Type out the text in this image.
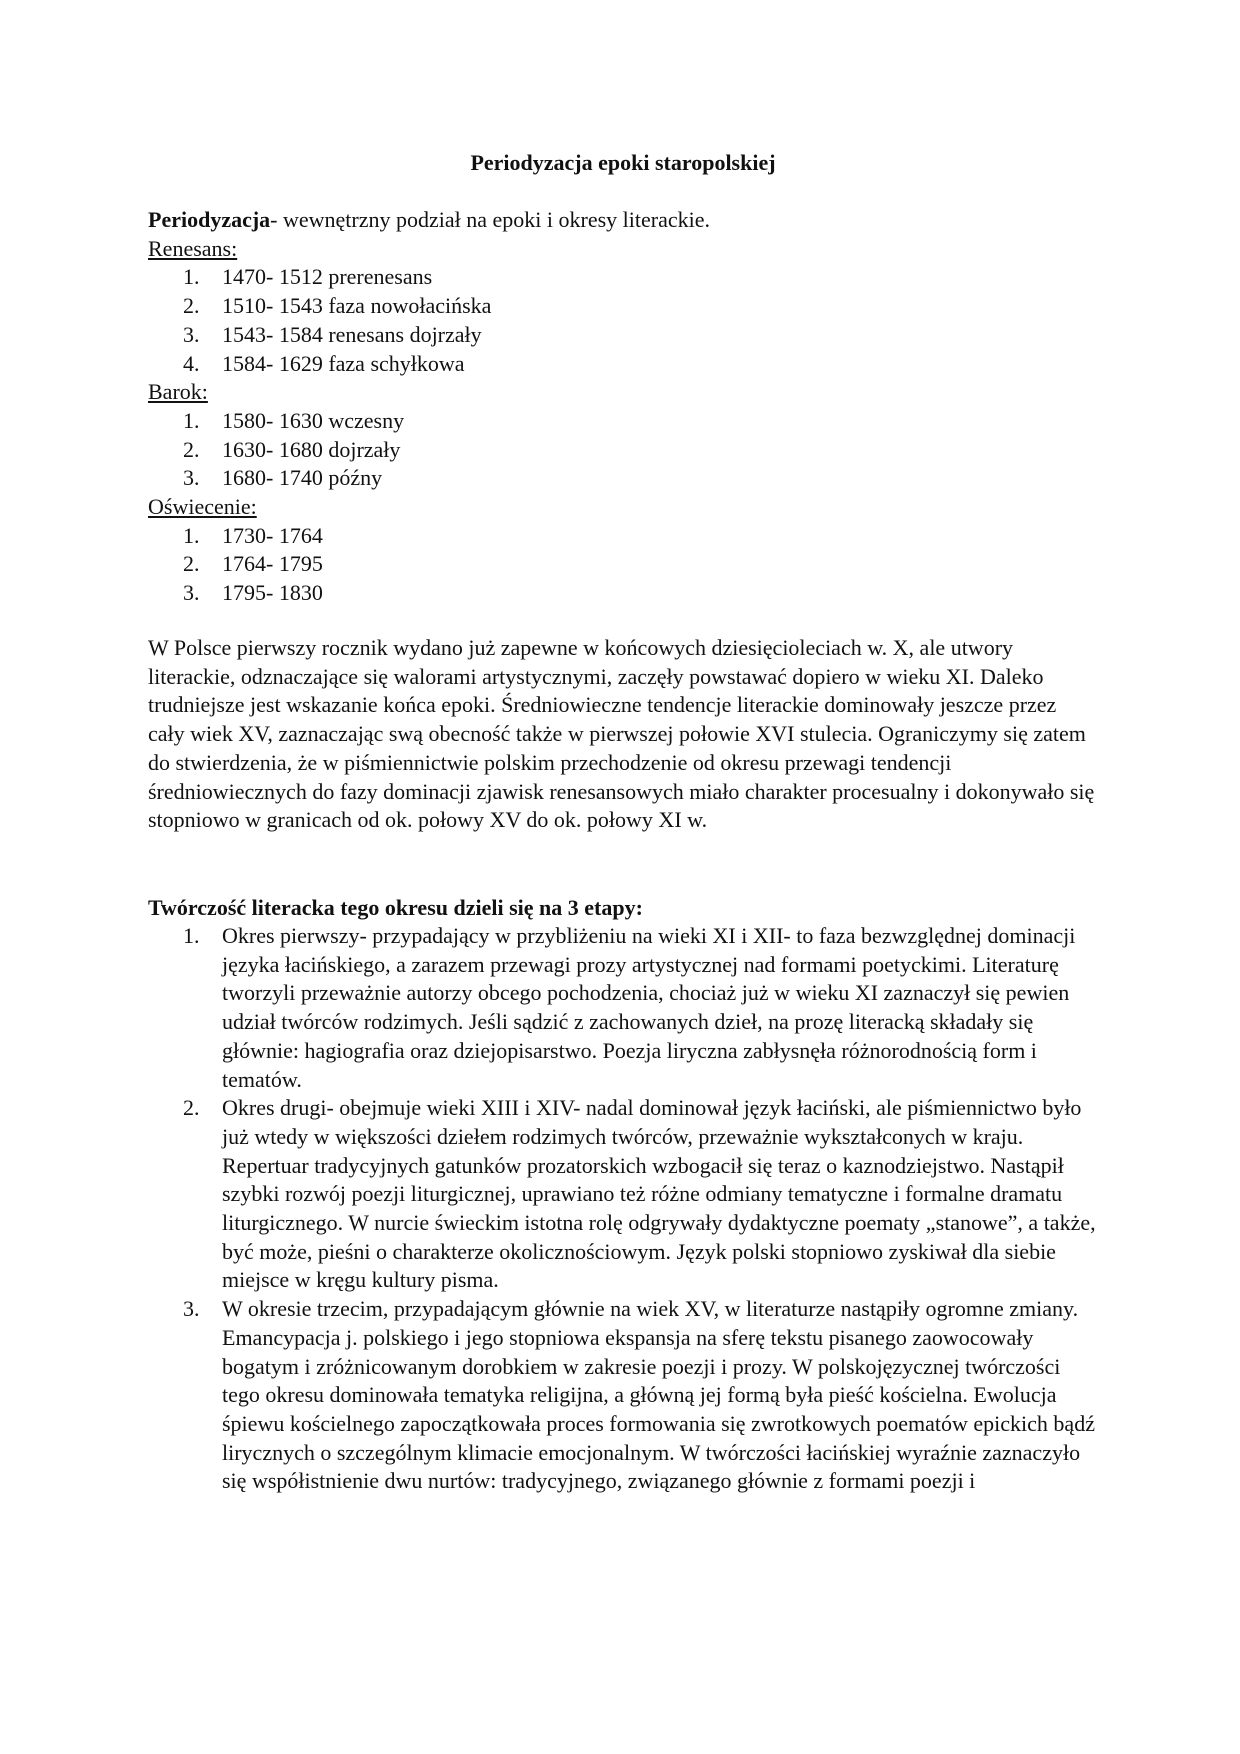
Periodyzacja epoki staropolskiej

Periodyzacja- wewnętrzny podział na epoki i okresy literackie.

Renesans:

1. 1470- 1512 prerenesans
2. 1510- 1543 faza nowołacińska
3. 1543- 1584 renesans dojrzały
4. 1584- 1629 faza schyłkowa

Barok:

1. 1580- 1630 wczesny
2. 1630- 1680 dojrzały
3. 1680- 1740 późny

Oświecenie:

1. 1730- 1764
2. 1764- 1795
3. 1795- 1830

W Polsce pierwszy rocznik wydano już zapewne w końcowych dziesięcioleciach w. X, ale utwory literackie, odznaczające się walorami artystycznymi, zaczęły powstawać dopiero w wieku XI. Daleko trudniejsze jest wskazanie końca epoki. Średniowieczne tendencje literackie dominowały jeszcze przez cały wiek XV, zaznaczając swą obecność także w pierwszej połowie XVI stulecia. Ograniczymy się zatem do stwierdzenia, że w piśmiennictwie polskim przechodzenie od okresu przewagi tendencji średniowiecznych do fazy dominacji zjawisk renesansowych miało charakter procesualny i dokonywało się stopniowo w granicach od ok. połowy XV do ok. połowy XI w.

Twórczość literacka tego okresu dzieli się na 3 etapy:
1. Okres pierwszy- przypadający w przybliżeniu na wieki XI i XII- to faza bezwzględnej dominacji języka łacińskiego, a zarazem przewagi prozy artystycznej nad formami poetyckimi. Literaturę tworzyli przeważnie autorzy obcego pochodzenia, chociaż już w wieku XI zaznaczył się pewien udział twórców rodzimych. Jeśli sądzić z zachowanych dzieł, na prozę literacką składały się głównie: hagiografia oraz dziejopisarstwo. Poezja liryczna zabłysnęła różnorodnością form i tematów.
2. Okres drugi- obejmuje wieki XIII i XIV- nadal dominował język łaciński, ale piśmiennictwo było już wtedy w większości dziełem rodzimych twórców, przeważnie wykształconych w kraju. Repertuar tradycyjnych gatunków prozatorskich wzbogacił się teraz o kaznodziejstwo. Nastąpił szybki rozwój poezji liturgicznej, uprawiano też różne odmiany tematyczne i formalne dramatu liturgicznego. W nurcie świeckim istotna rolę odgrywały dydaktyczne poematy „stanowe”, a także, być może, pieśni o charakterze okolicznościowym. Język polski stopniowo zyskiwał dla siebie miejsce w kręgu kultury pisma.
3. W okresie trzecim, przypadającym głównie na wiek XV, w literaturze nastąpiły ogromne zmiany. Emancypacja j. polskiego i jego stopniowa ekspansja na sferę tekstu pisanego zaowocowały bogatym i zróżnicowanym dorobkiem w zakresie poezji i prozy. W polskojęzycznej twórczości tego okresu dominowała tematyka religijna, a główną jej formą była pieść kościelna. Ewolucja śpiewu kościelnego zapoczątkowała proces formowania się zwrotkowych poematów epickich bądź lirycznych o szczególnym klimacie emocjonalnym. W twórczości łacińskiej wyraźnie zaznaczyło się współistnienie dwu nurtów: tradycyjnego, związanego głównie z formami poezji i
